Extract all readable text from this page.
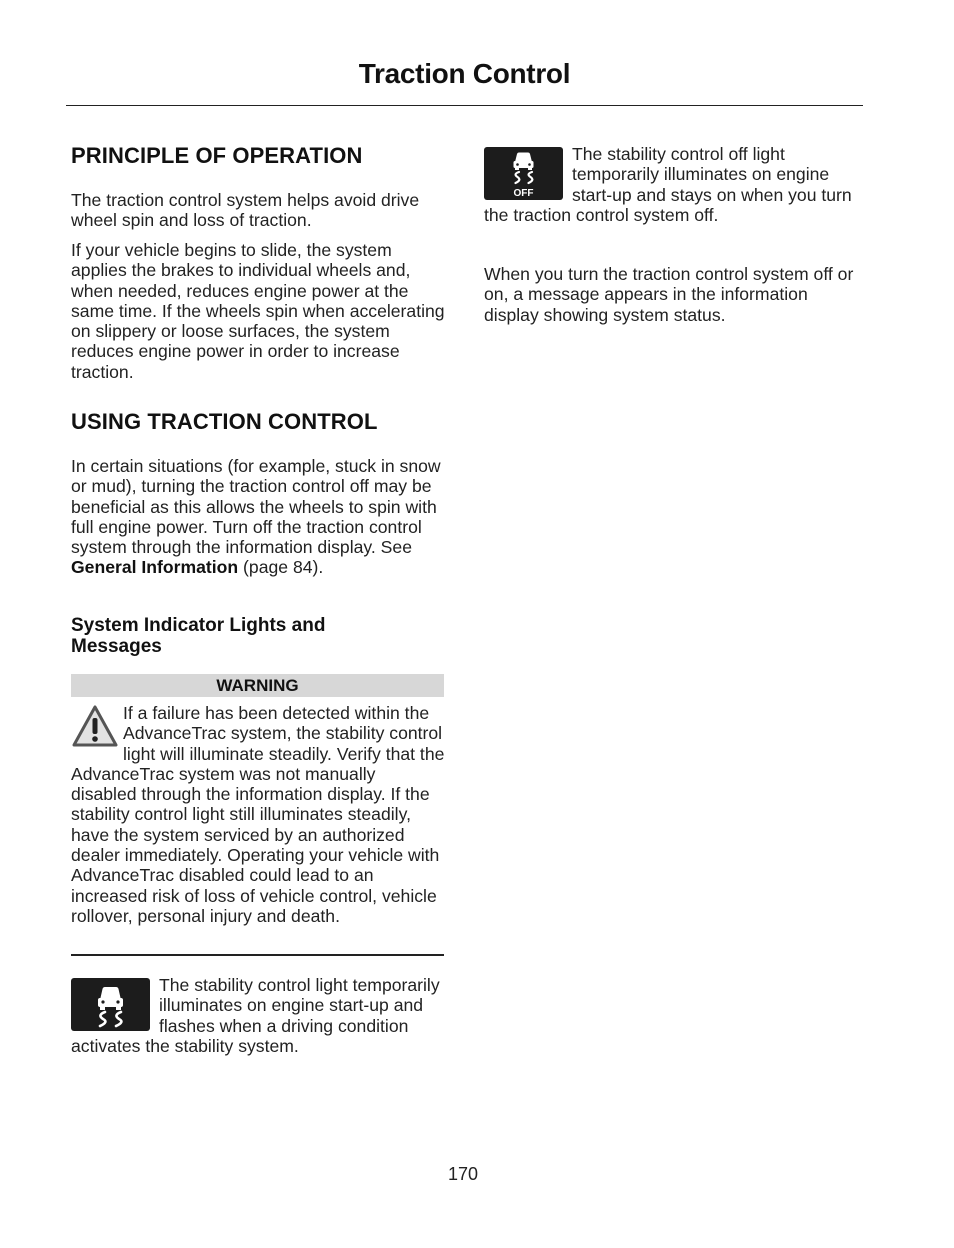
Traction Control
PRINCIPLE OF OPERATION

The traction control system helps avoid drive wheel spin and loss of traction.

If your vehicle begins to slide, the system applies the brakes to individual wheels and, when needed, reduces engine power at the same time. If the wheels spin when accelerating on slippery or loose surfaces, the system reduces engine power in order to increase traction.

USING TRACTION CONTROL

In certain situations (for example, stuck in snow or mud), turning the traction control off may be beneficial as this allows the wheels to spin with full engine power. Turn off the traction control system through the information display. See General Information (page 84).

System Indicator Lights and Messages
WARNING

If a failure has been detected within the AdvanceTrac system, the stability control light will illuminate steadily. Verify that the AdvanceTrac system was not manually disabled through the information display. If the stability control light still illuminates steadily, have the system serviced by an authorized dealer immediately. Operating your vehicle with AdvanceTrac disabled could lead to an increased risk of loss of vehicle control, vehicle rollover, personal injury and death.

The stability control light temporarily illuminates on engine start-up and flashes when a driving condition activates the stability system.
OFF
The stability control off light temporarily illuminates on engine start-up and stays on when you turn the traction control system off.

When you turn the traction control system off or on, a message appears in the information display showing system status.

170
